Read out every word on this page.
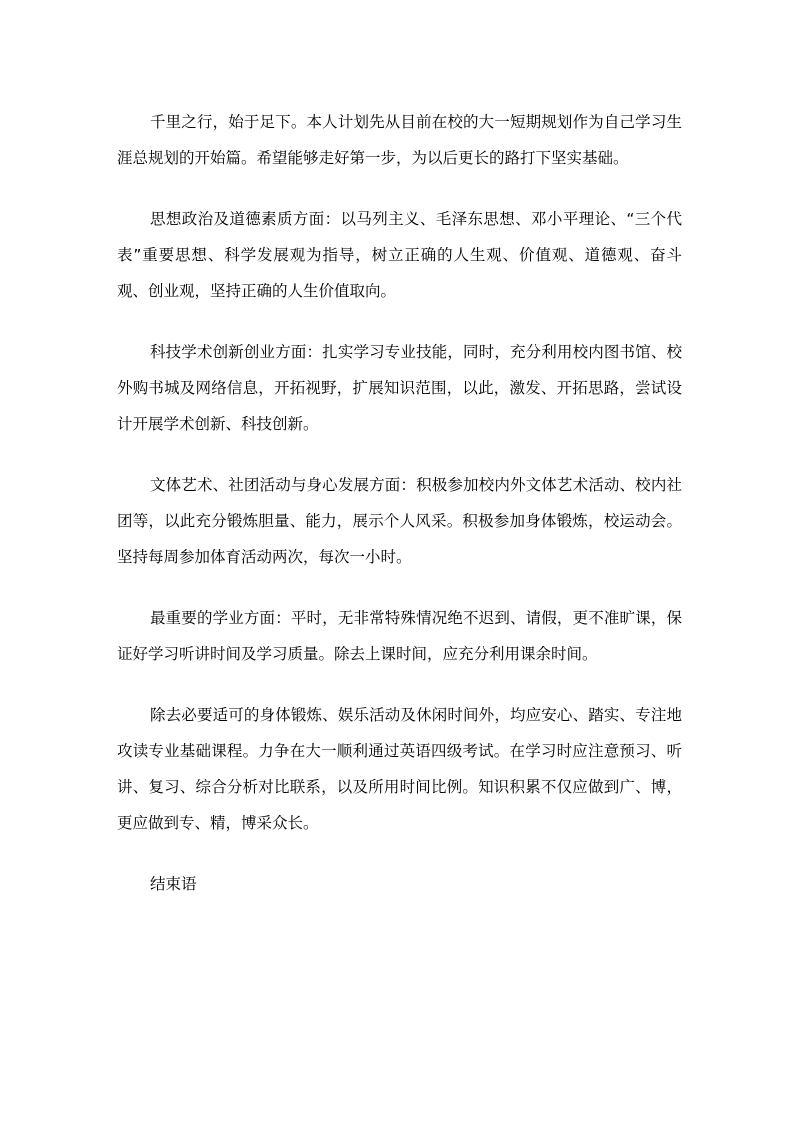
千里之行，始于足下。本人计划先从目前在校的大一短期规划作为自己学习生涯总规划的开始篇。希望能够走好第一步，为以后更长的路打下坚实基础。

思想政治及道德素质方面：以马列主义、毛泽东思想、邓小平理论、“三个代表”重要思想、科学发展观为指导，树立正确的人生观、价值观、道德观、奋斗观、创业观，坚持正确的人生价值取向。

科技学术创新创业方面：扎实学习专业技能，同时，充分利用校内图书馆、校外购书城及网络信息，开拓视野，扩展知识范围，以此，激发、开拓思路，尝试设计开展学术创新、科技创新。

文体艺术、社团活动与身心发展方面：积极参加校内外文体艺术活动、校内社团等，以此充分锻炼胆量、能力，展示个人风采。积极参加身体锻炼，校运动会。坚持每周参加体育活动两次，每次一小时。

最重要的学业方面：平时，无非常特殊情况绝不迟到、请假，更不准旷课，保证好学习听讲时间及学习质量。除去上课时间，应充分利用课余时间。

除去必要适可的身体锻炼、娱乐活动及休闲时间外，均应安心、踏实、专注地攻读专业基础课程。力争在大一顺利通过英语四级考试。在学习时应注意预习、听讲、复习、综合分析对比联系，以及所用时间比例。知识积累不仅应做到广、博，更应做到专、精，博采众长。

结束语
